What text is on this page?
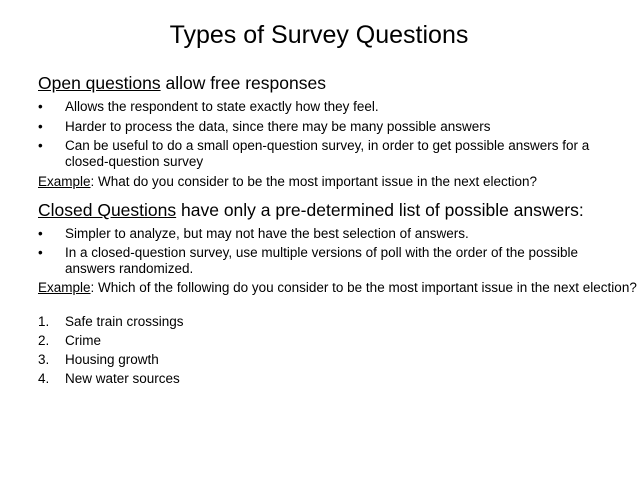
Types of Survey Questions
Open questions allow free responses
• Allows the respondent to state exactly how they feel.
• Harder to process the data, since there may be many possible answers
• Can be useful to do a small open-question survey, in order to get possible answers for a closed-question survey
Example: What do you consider to be the most important issue in the next election?
Closed Questions have only a pre-determined list of possible answers:
• Simpler to analyze, but may not have the best selection of answers.
• In a closed-question survey, use multiple versions of poll with the order of the possible answers randomized.
Example: Which of the following do you consider to be the most important issue in the next election?
1. Safe train crossings
2. Crime
3. Housing growth
4. New water sources
